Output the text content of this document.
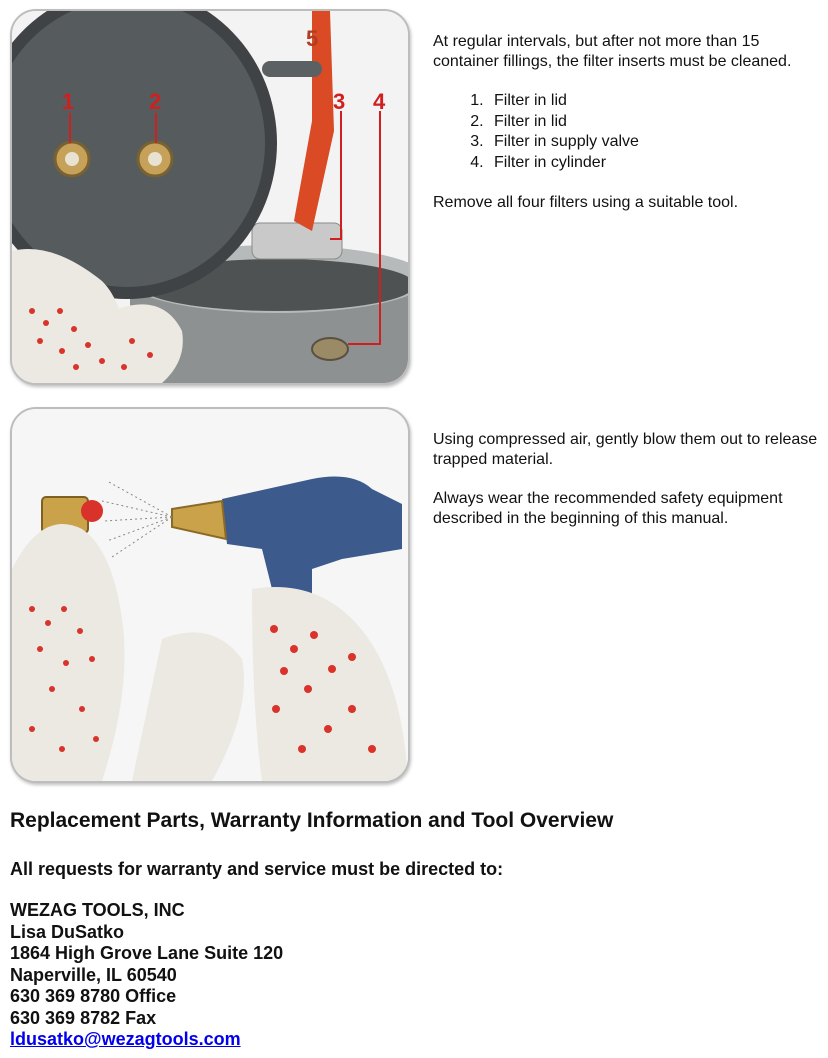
1	2	3 4
5	At regular intervals, but after not more than 15 container fillings, the filter inserts must be cleaned.

1. Filter in lid
2. Filter in lid
3. Filter in supply valve
4. Filter in cylinder

Remove all four filters using a suitable tool.

Using compressed air, gently blow them out to release trapped material.

Always wear the recommended safety equipment described in the beginning of this manual.

Replacement Parts, Warranty Information and Tool Overview

All requests for warranty and service must be directed to:

WEZAG TOOLS, INC
Lisa DuSatko
1864 High Grove Lane Suite 120
Naperville, IL 60540
630 369 8780 Office
630 369 8782 Fax
ldusatko@wezagtools.com
